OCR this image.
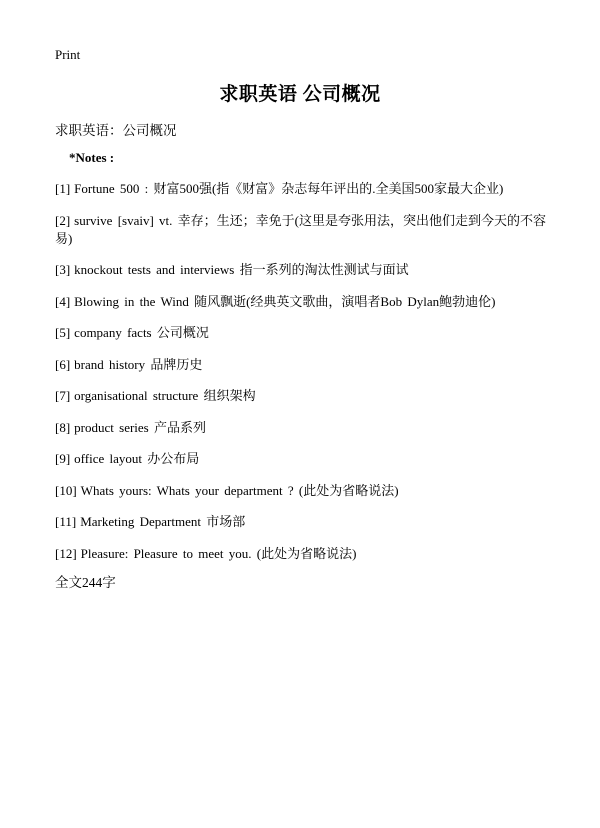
Print
求职英语 公司概况
求职英语：公司概况
*Notes :
[1] Fortune 500 : 财富500强(指《财富》杂志每年评出的.全美国500家最大企业)
[2] survive [svaiv] vt. 幸存；生还；幸免于(这里是夸张用法，突出他们走到今天的不容易)
[3] knockout tests and interviews 指一系列的淘汰性测试与面试
[4] Blowing in the Wind 随风飘逝(经典英文歌曲，演唱者Bob Dylan鲍勃迪伦)
[5] company facts 公司概况
[6] brand history 品牌历史
[7] organisational structure 组织架构
[8] product series 产品系列
[9] office layout 办公布局
[10] Whats yours: Whats your department ? (此处为省略说法)
[11] Marketing Department 市场部
[12] Pleasure: Pleasure to meet you. (此处为省略说法)
全文244字
